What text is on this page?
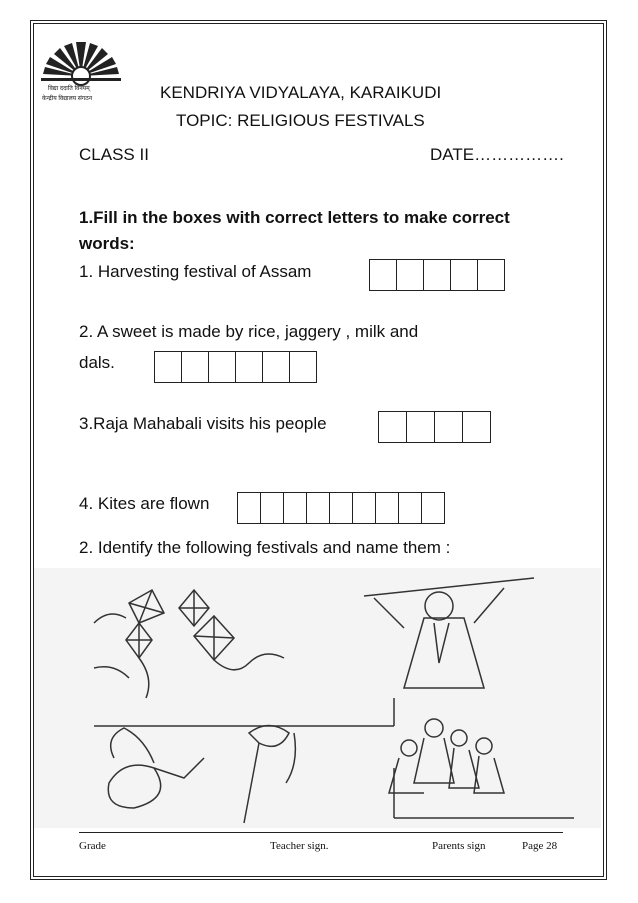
विद्या ददाति विनयम्
केन्द्रीय विद्यालय संगठन	KENDRIYA VIDYALAYA, KARAIKUDI
TOPIC: RELIGIOUS FESTIVALS
CLASS II	DATE…………….
1.Fill in the boxes with correct letters to make correct
words:
1. Harvesting festival of Assam
2. A sweet is made by rice, jaggery , milk and
dals.
3.Raja Mahabali visits his people
4. Kites are flown
2. Identify the following festivals and name them :
Grade	Teacher sign.	Parents sign	Page 28
